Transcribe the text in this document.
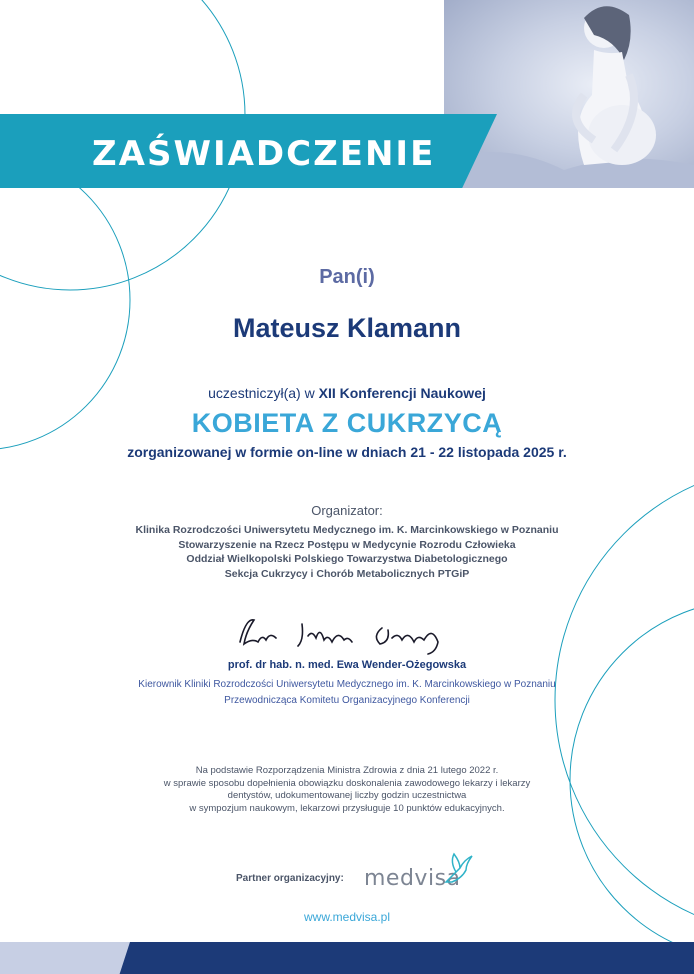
ZAŚWIADCZENIE

Pan(i)

Mateusz Klamann

uczestniczył(a) w XII Konferencji Naukowej

KOBIETA Z CUKRZYCĄ

zorganizowanej w formie on-line w dniach 21 - 22 listopada 2025 r.

Organizator:

Klinika Rozrodczości Uniwersytetu Medycznego im. K. Marcinkowskiego w Poznaniu
Stowarzyszenie na Rzecz Postępu w Medycynie Rozrodu Człowieka
Oddział Wielkopolski Polskiego Towarzystwa Diabetologicznego
Sekcja Cukrzycy i Chorób Metabolicznych PTGiP

prof. dr hab. n. med. Ewa Wender-Ożegowska

Kierownik Kliniki Rozrodczości Uniwersytetu Medycznego im. K. Marcinkowskiego w Poznaniu
Przewodnicząca Komitetu Organizacyjnego Konferencji
Na podstawie Rozporządzenia Ministra Zdrowia z dnia 21 lutego 2022 r.
w sprawie sposobu dopełnienia obowiązku doskonalenia zawodowego lekarzy i lekarzy
dentystów, udokumentowanej liczby godzin uczestnictwa
w sympozjum naukowym, lekarzowi przysługuje 10 punktów edukacyjnych.

Partner organizacyjny: medvisa

www.medvisa.pl
